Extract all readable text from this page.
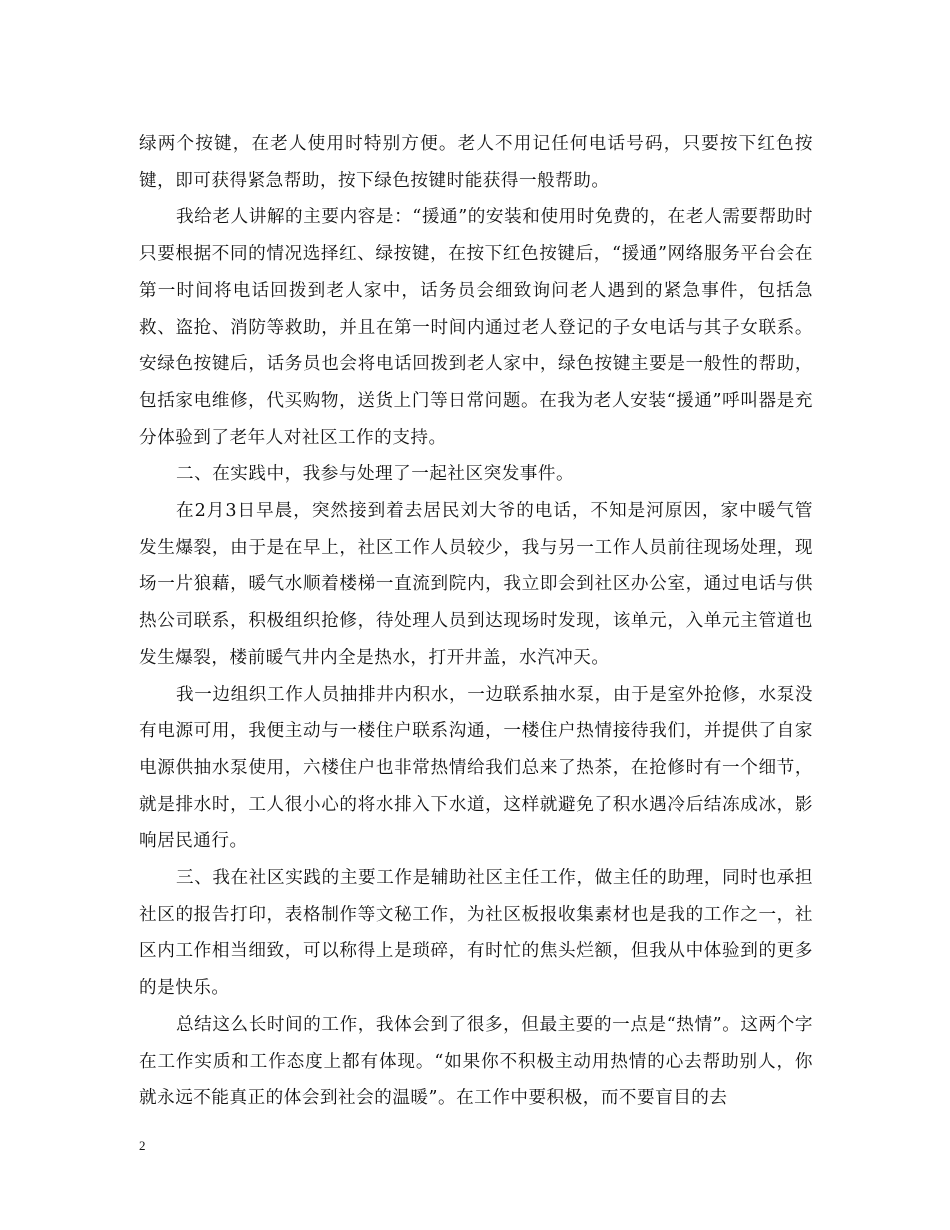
绿两个按键，在老人使用时特别方便。老人不用记任何电话号码，只要按下红色按键，即可获得紧急帮助，按下绿色按键时能获得一般帮助。

我给老人讲解的主要内容是：“援通”的安装和使用时免费的，在老人需要帮助时只要根据不同的情况选择红、绿按键，在按下红色按键后，“援通”网络服务平台会在第一时间将电话回拨到老人家中，话务员会细致询问老人遇到的紧急事件，包括急救、盗抢、消防等救助，并且在第一时间内通过老人登记的子女电话与其子女联系。安绿色按键后，话务员也会将电话回拨到老人家中，绿色按键主要是一般性的帮助，包括家电维修，代买购物，送货上门等日常问题。在我为老人安装“援通”呼叫器是充分体验到了老年人对社区工作的支持。

二、在实践中，我参与处理了一起社区突发事件。

在2月3日早晨，突然接到着去居民刘大爷的电话，不知是河原因，家中暖气管发生爆裂，由于是在早上，社区工作人员较少，我与另一工作人员前往现场处理，现场一片狼藉，暖气水顺着楼梯一直流到院内，我立即会到社区办公室，通过电话与供热公司联系，积极组织抢修，待处理人员到达现场时发现，该单元，入单元主管道也发生爆裂，楼前暖气井内全是热水，打开井盖，水汽冲天。

我一边组织工作人员抽排井内积水，一边联系抽水泵，由于是室外抢修，水泵没有电源可用，我便主动与一楼住户联系沟通，一楼住户热情接待我们，并提供了自家电源供抽水泵使用，六楼住户也非常热情给我们总来了热茶，在抢修时有一个细节，就是排水时，工人很小心的将水排入下水道，这样就避免了积水遇冷后结冻成冰，影响居民通行。

三、我在社区实践的主要工作是辅助社区主任工作，做主任的助理，同时也承担社区的报告打印，表格制作等文秘工作，为社区板报收集素材也是我的工作之一，社区内工作相当细致，可以称得上是琐碎，有时忙的焦头烂额，但我从中体验到的更多的是快乐。

总结这么长时间的工作，我体会到了很多，但最主要的一点是“热情”。这两个字在工作实质和工作态度上都有体现。“如果你不积极主动用热情的心去帮助别人，你就永远不能真正的体会到社会的温暖”。在工作中要积极，而不要盲目的去

2
